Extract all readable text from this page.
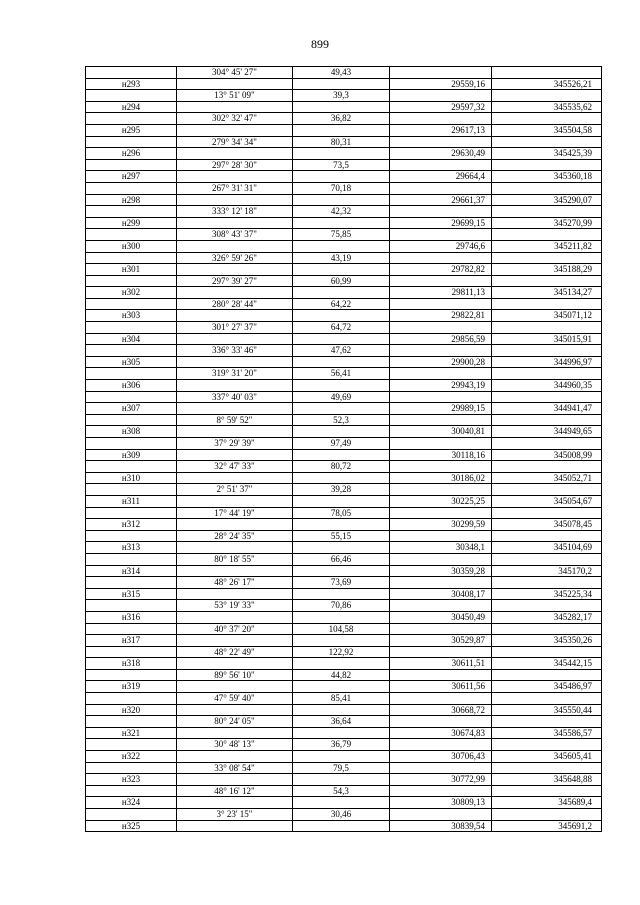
899
	304° 45' 27"	49,43		
н293			29559,16	345526,21
	13° 51' 09"	39,3		
н294			29597,32	345535,62
	302° 32' 47"	36,82		
н295			29617,13	345504,58
	279° 34' 34"	80,31		
н296			29630,49	345425,39
	297° 28' 30"	73,5		
н297			29664,4	345360,18
	267° 31' 31"	70,18		
н298			29661,37	345290,07
	333° 12' 18"	42,32		
н299			29699,15	345270,99
	308° 43' 37"	75,85		
н300			29746,6	345211,82
	326° 59' 26"	43,19		
н301			29782,82	345188,29
	297° 39' 27"	60,99		
н302			29811,13	345134,27
	280° 28' 44"	64,22		
н303			29822,81	345071,12
	301° 27' 37"	64,72		
н304			29856,59	345015,91
	336° 33' 46"	47,62		
н305			29900,28	344996,97
	319° 31' 20"	56,41		
н306			29943,19	344960,35
	337° 40' 03"	49,69		
н307			29989,15	344941,47
	8° 59' 52"	52,3		
н308			30040,81	344949,65
	37° 29' 39"	97,49		
н309			30118,16	345008,99
	32° 47' 33"	80,72		
н310			30186,02	345052,71
	2° 51' 37"	39,28		
н311			30225,25	345054,67
	17° 44' 19"	78,05		
н312			30299,59	345078,45
	28° 24' 35"	55,15		
н313			30348,1	345104,69
	80° 18' 55"	66,46		
н314			30359,28	345170,2
	48° 26' 17"	73,69		
н315			30408,17	345225,34
	53° 19' 33"	70,86		
н316			30450,49	345282,17
	40° 37' 20"	104,58		
н317			30529,87	345350,26
	48° 22' 49"	122,92		
н318			30611,51	345442,15
	89° 56' 10"	44,82		
н319			30611,56	345486,97
	47° 59' 40"	85,41		
н320			30668,72	345550,44
	80° 24' 05"	36,64		
н321			30674,83	345586,57
	30° 48' 13"	36,79		
н322			30706,43	345605,41
	33° 08' 54"	79,5		
н323			30772,99	345648,88
	48° 16' 12"	54,3		
н324			30809,13	345689,4
	3° 23' 15"	30,46		
н325			30839,54	345691,2
